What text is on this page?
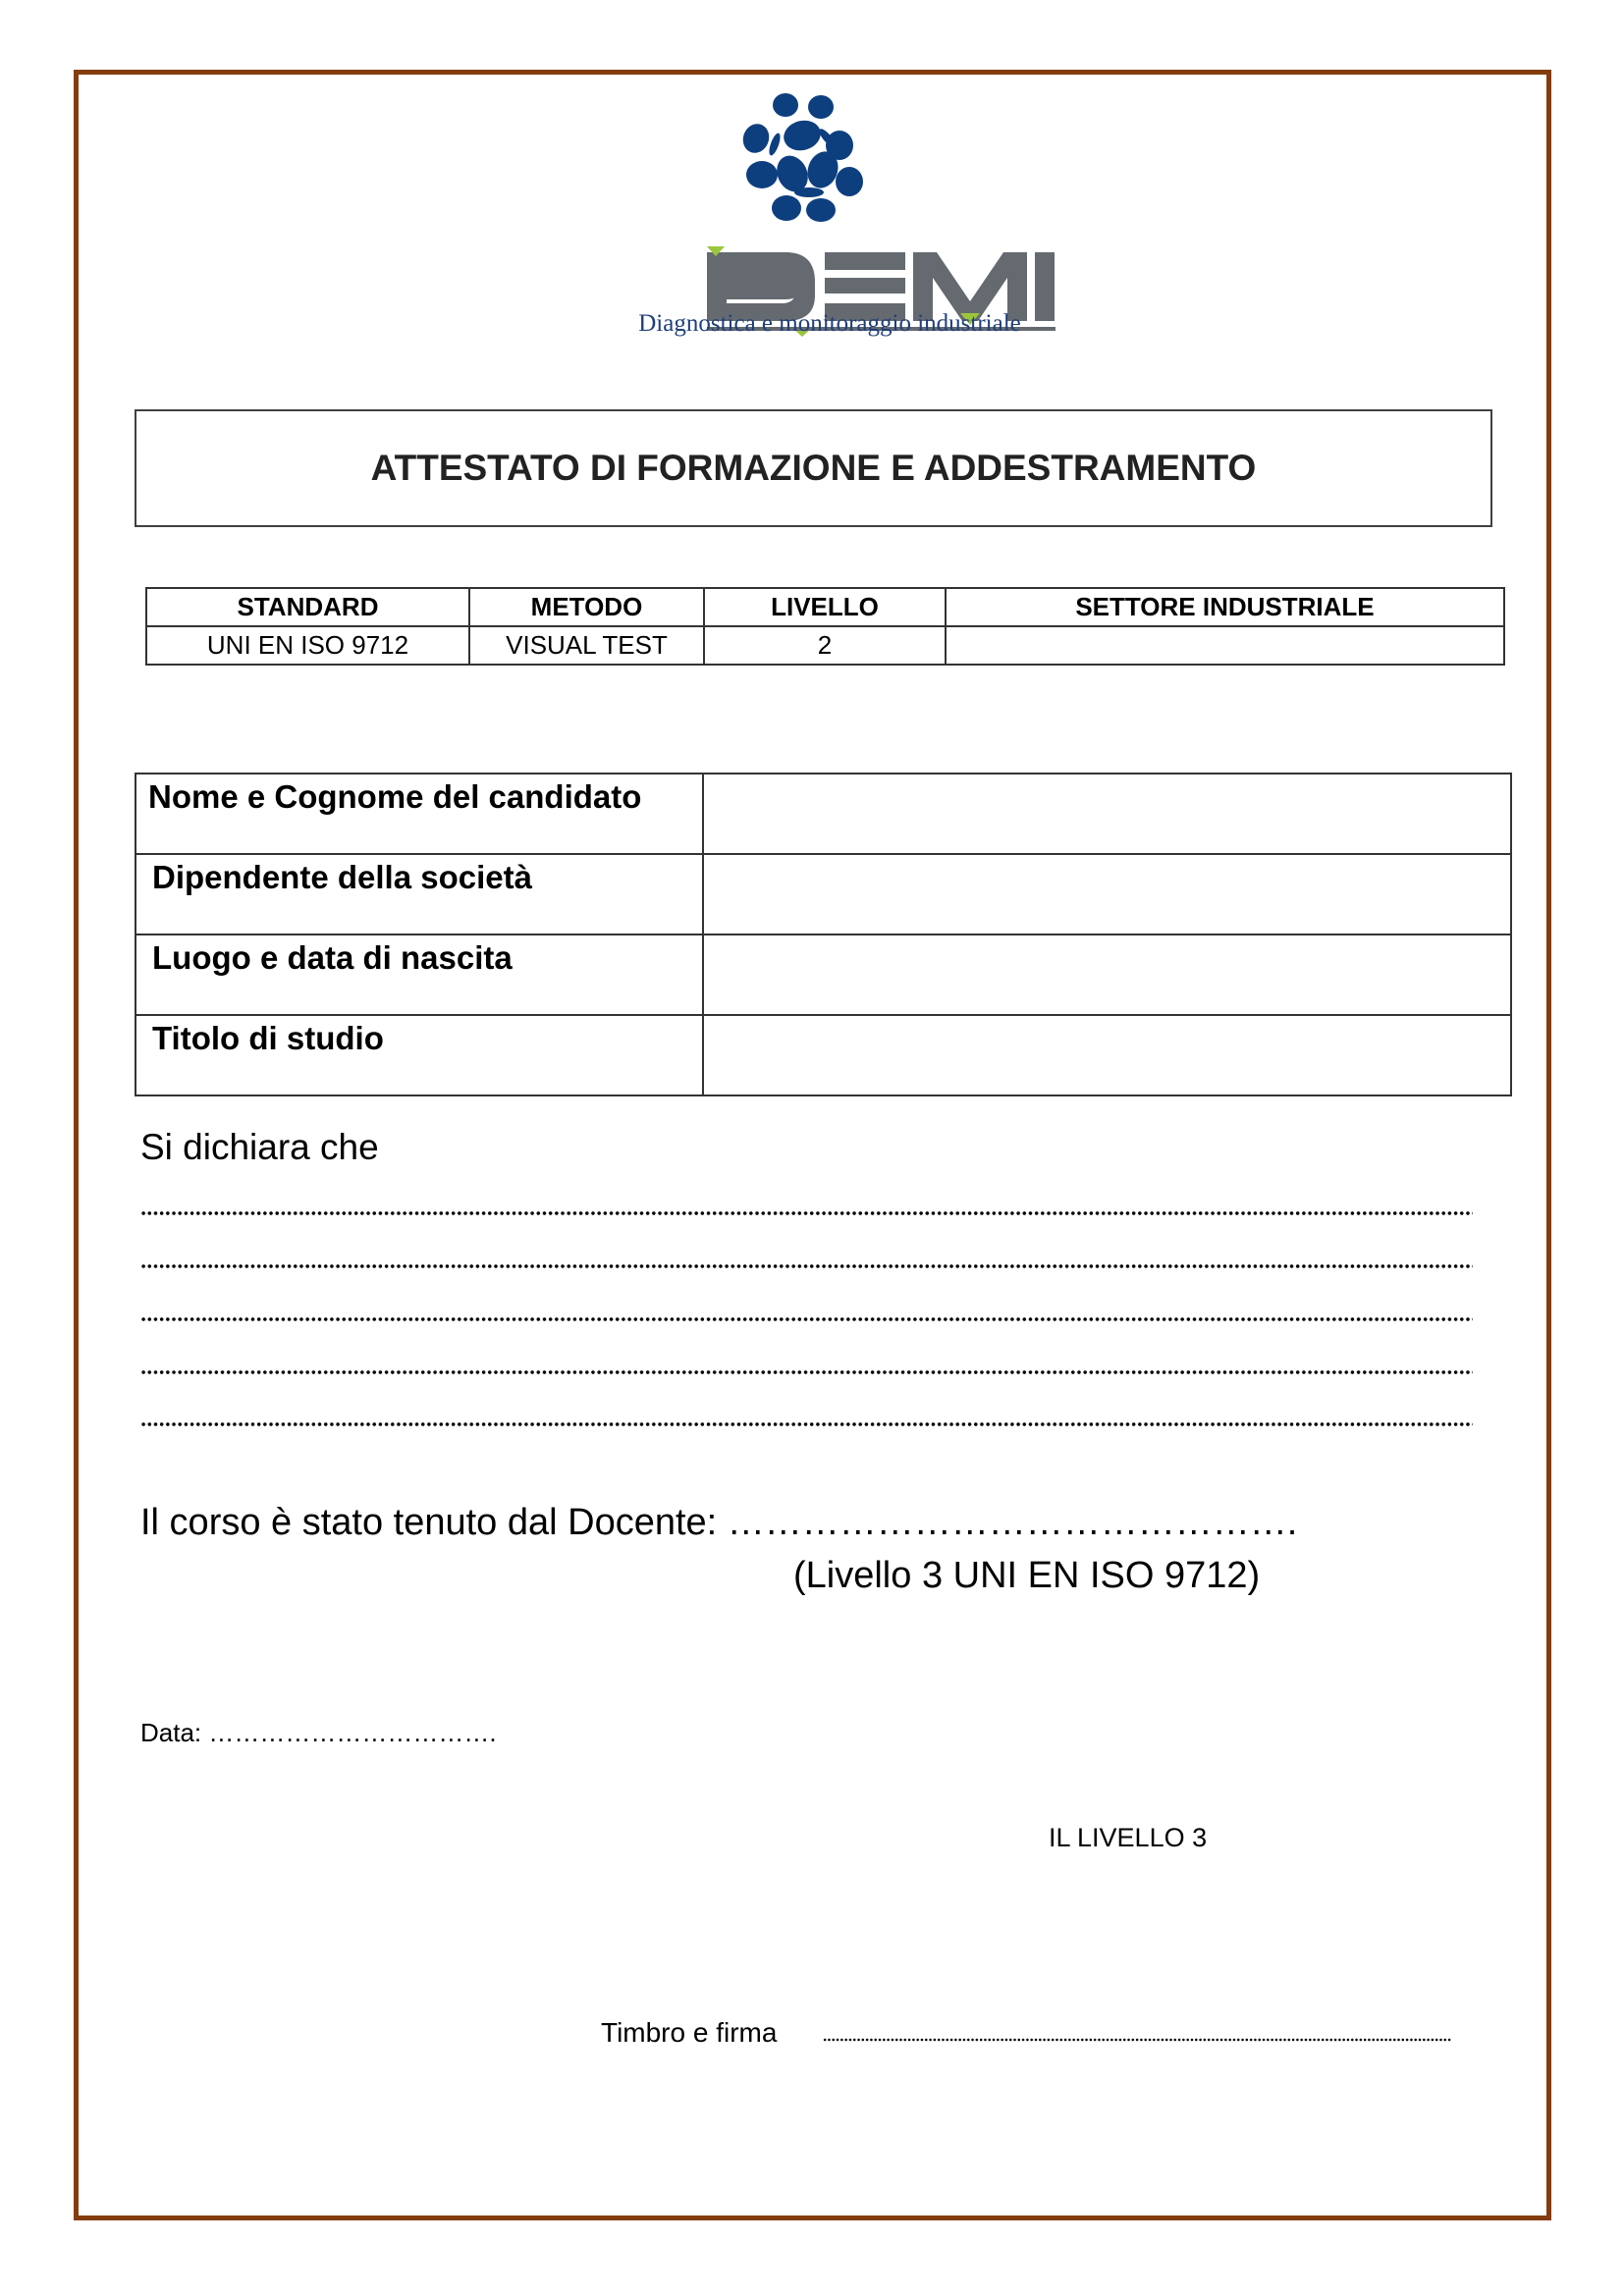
Diagnostica e monitoraggio industriale
ATTESTATO DI FORMAZIONE E ADDESTRAMENTO
STANDARD	METODO	LIVELLO	SETTORE INDUSTRIALE
UNI EN ISO 9712	VISUAL TEST	2	
Nome e Cognome del candidato	
Dipendente della società	
Luogo e data di nascita	
Titolo di studio	
Si dichiara che
Il corso è stato tenuto dal Docente: ……………………………………….
(Livello 3 UNI EN ISO 9712)
Data: …………………………….
IL LIVELLO 3
Timbro e firma
